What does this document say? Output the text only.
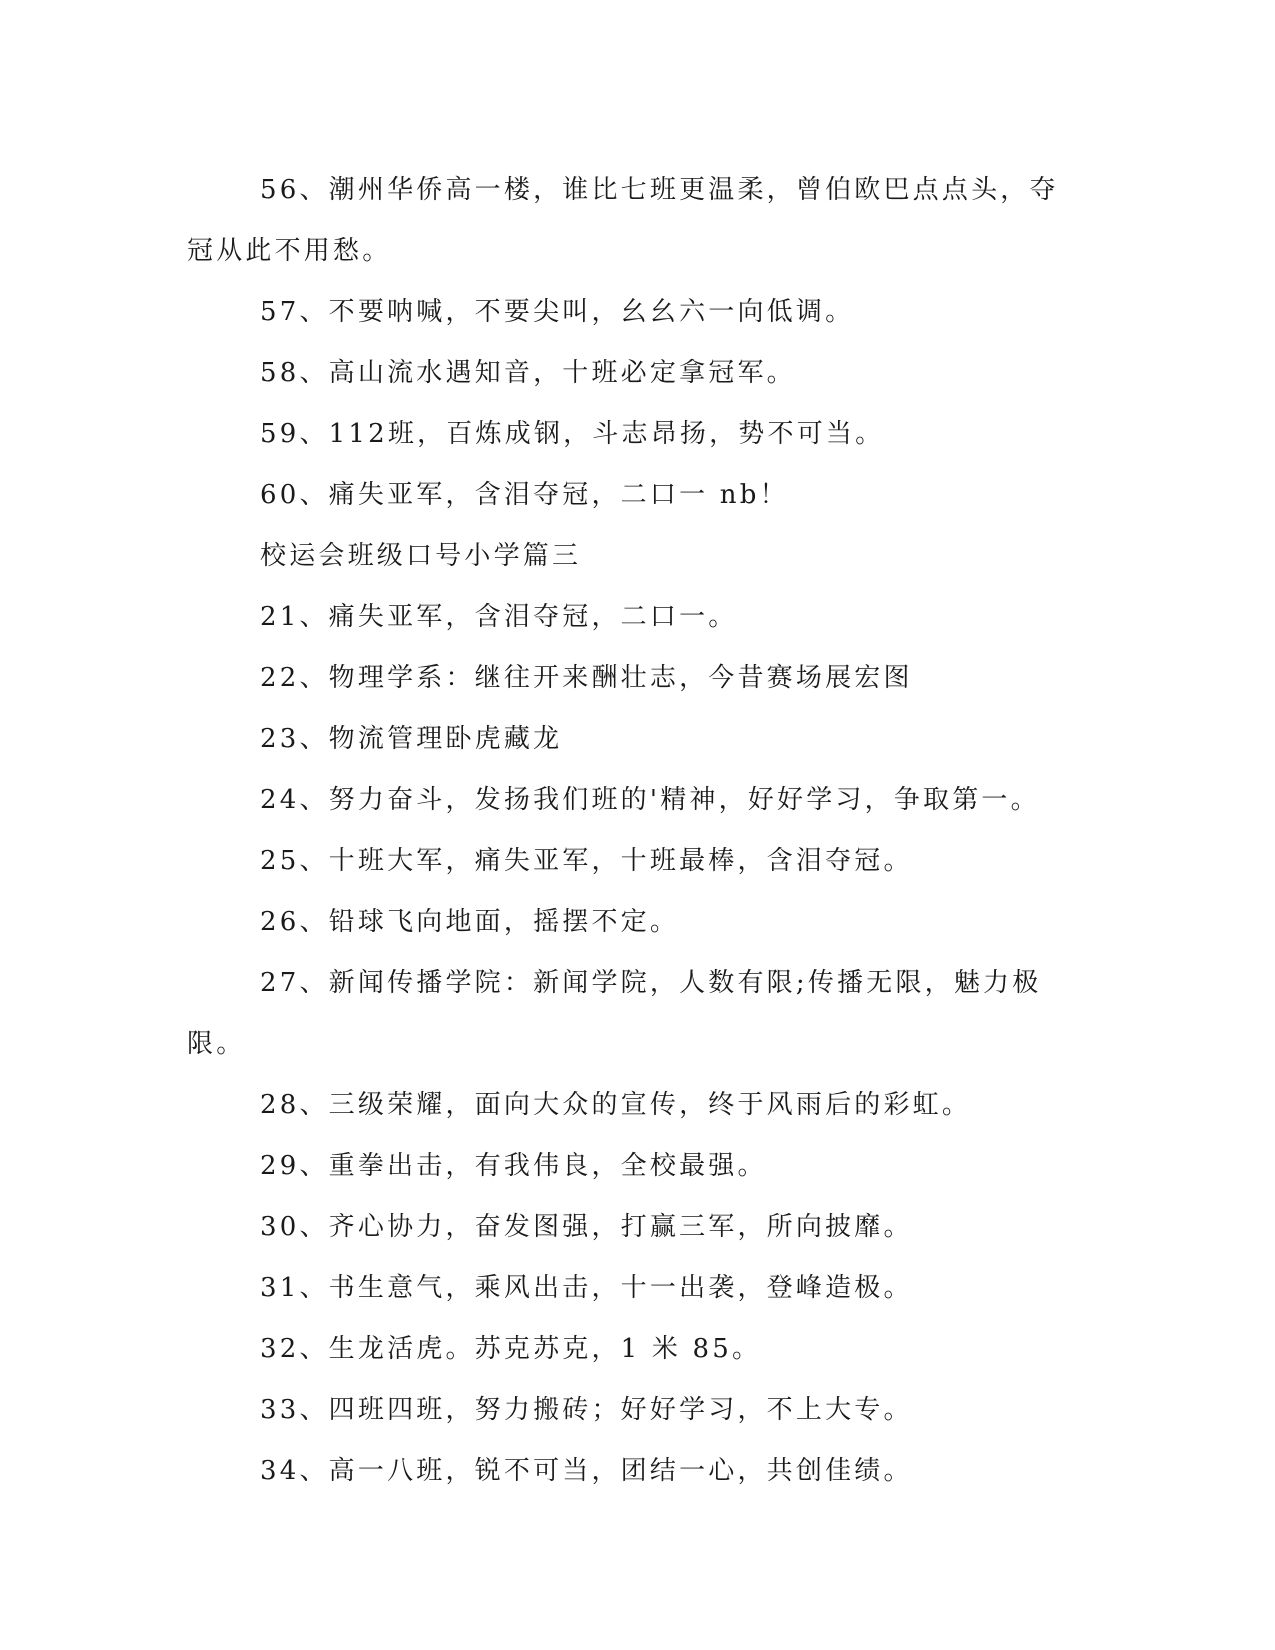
56、潮州华侨高一楼，谁比七班更温柔，曾伯欧巴点点头，夺冠从此不用愁。

57、不要呐喊，不要尖叫，幺幺六一向低调。

58、高山流水遇知音，十班必定拿冠军。

59、112班，百炼成钢，斗志昂扬，势不可当。

60、痛失亚军，含泪夺冠，二口一 nb！

校运会班级口号小学篇三

21、痛失亚军，含泪夺冠，二口一。

22、物理学系：继往开来酬壮志，今昔赛场展宏图

23、物流管理卧虎藏龙

24、努力奋斗，发扬我们班的'精神，好好学习，争取第一。

25、十班大军，痛失亚军，十班最棒，含泪夺冠。

26、铅球飞向地面，摇摆不定。

27、新闻传播学院：新闻学院，人数有限;传播无限，魅力极限。

28、三级荣耀，面向大众的宣传，终于风雨后的彩虹。

29、重拳出击，有我伟良，全校最强。

30、齐心协力，奋发图强，打赢三军，所向披靡。

31、书生意气，乘风出击，十一出袭，登峰造极。

32、生龙活虎。苏克苏克，1 米 85。

33、四班四班，努力搬砖；好好学习，不上大专。

34、高一八班，锐不可当，团结一心，共创佳绩。
